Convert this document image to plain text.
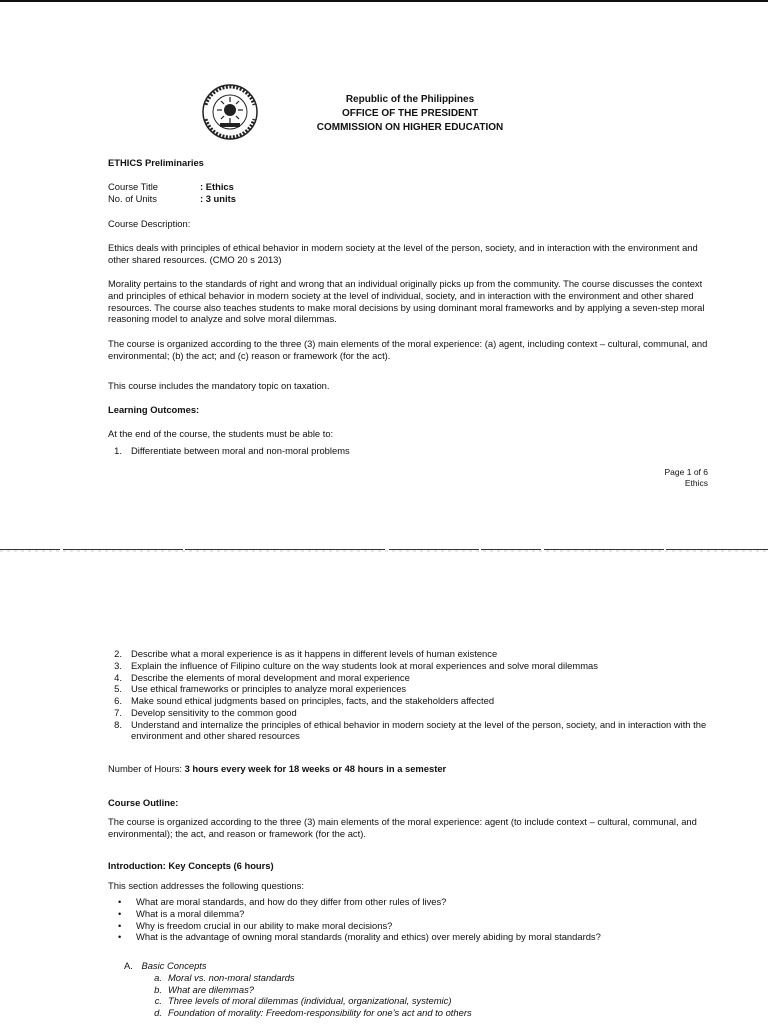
Republic of the Philippines
OFFICE OF THE PRESIDENT
COMMISSION ON HIGHER EDUCATION
ETHICS Preliminaries
Course Title	: Ethics
No. of Units	: 3 units
Course Description:

Ethics deals with principles of ethical behavior in modern society at the level of the person, society, and in interaction with the environment and other shared resources. (CMO 20 s 2013)

Morality pertains to the standards of right and wrong that an individual originally picks up from the community. The course discusses the context and principles of ethical behavior in modern society at the level of individual, society, and in interaction with the environment and other shared resources. The course also teaches students to make moral decisions by using dominant moral frameworks and by applying a seven-step moral reasoning model to analyze and solve moral dilemmas.

The course is organized according to the three (3) main elements of the moral experience: (a) agent, including context – cultural, communal, and environmental; (b) the act; and (c) reason or framework (for the act).

This course includes the mandatory topic on taxation.

Learning Outcomes:
At the end of the course, the students must be able to:
1. Differentiate between moral and non-moral problems
Page 1 of 6
Ethics
2. Describe what a moral experience is as it happens in different levels of human existence
3. Explain the influence of Filipino culture on the way students look at moral experiences and solve moral dilemmas
4. Describe the elements of moral development and moral experience
5. Use ethical frameworks or principles to analyze moral experiences
6. Make sound ethical judgments based on principles, facts, and the stakeholders affected
7. Develop sensitivity to the common good
8. Understand and internalize the principles of ethical behavior in modern society at the level of the person, society, and in interaction with the environment and other shared resources
Number of Hours: 3 hours every week for 18 weeks or 48 hours in a semester
Course Outline:

The course is organized according to the three (3) main elements of the moral experience: agent (to include context – cultural, communal, and environmental); the act, and reason or framework (for the act).

Introduction: Key Concepts (6 hours)
This section addresses the following questions:
•	What are moral standards, and how do they differ from other rules of lives?
•	What is a moral dilemma?
•	Why is freedom crucial in our ability to make moral decisions?
•	What is the advantage of owning moral standards (morality and ethics) over merely abiding by moral standards?
A. Basic Concepts
a. Moral vs. non-moral standards
b. What are dilemmas?
c. Three levels of moral dilemmas (individual, organizational, systemic)
d. Foundation of morality: Freedom-responsibility for one’s act and to others
